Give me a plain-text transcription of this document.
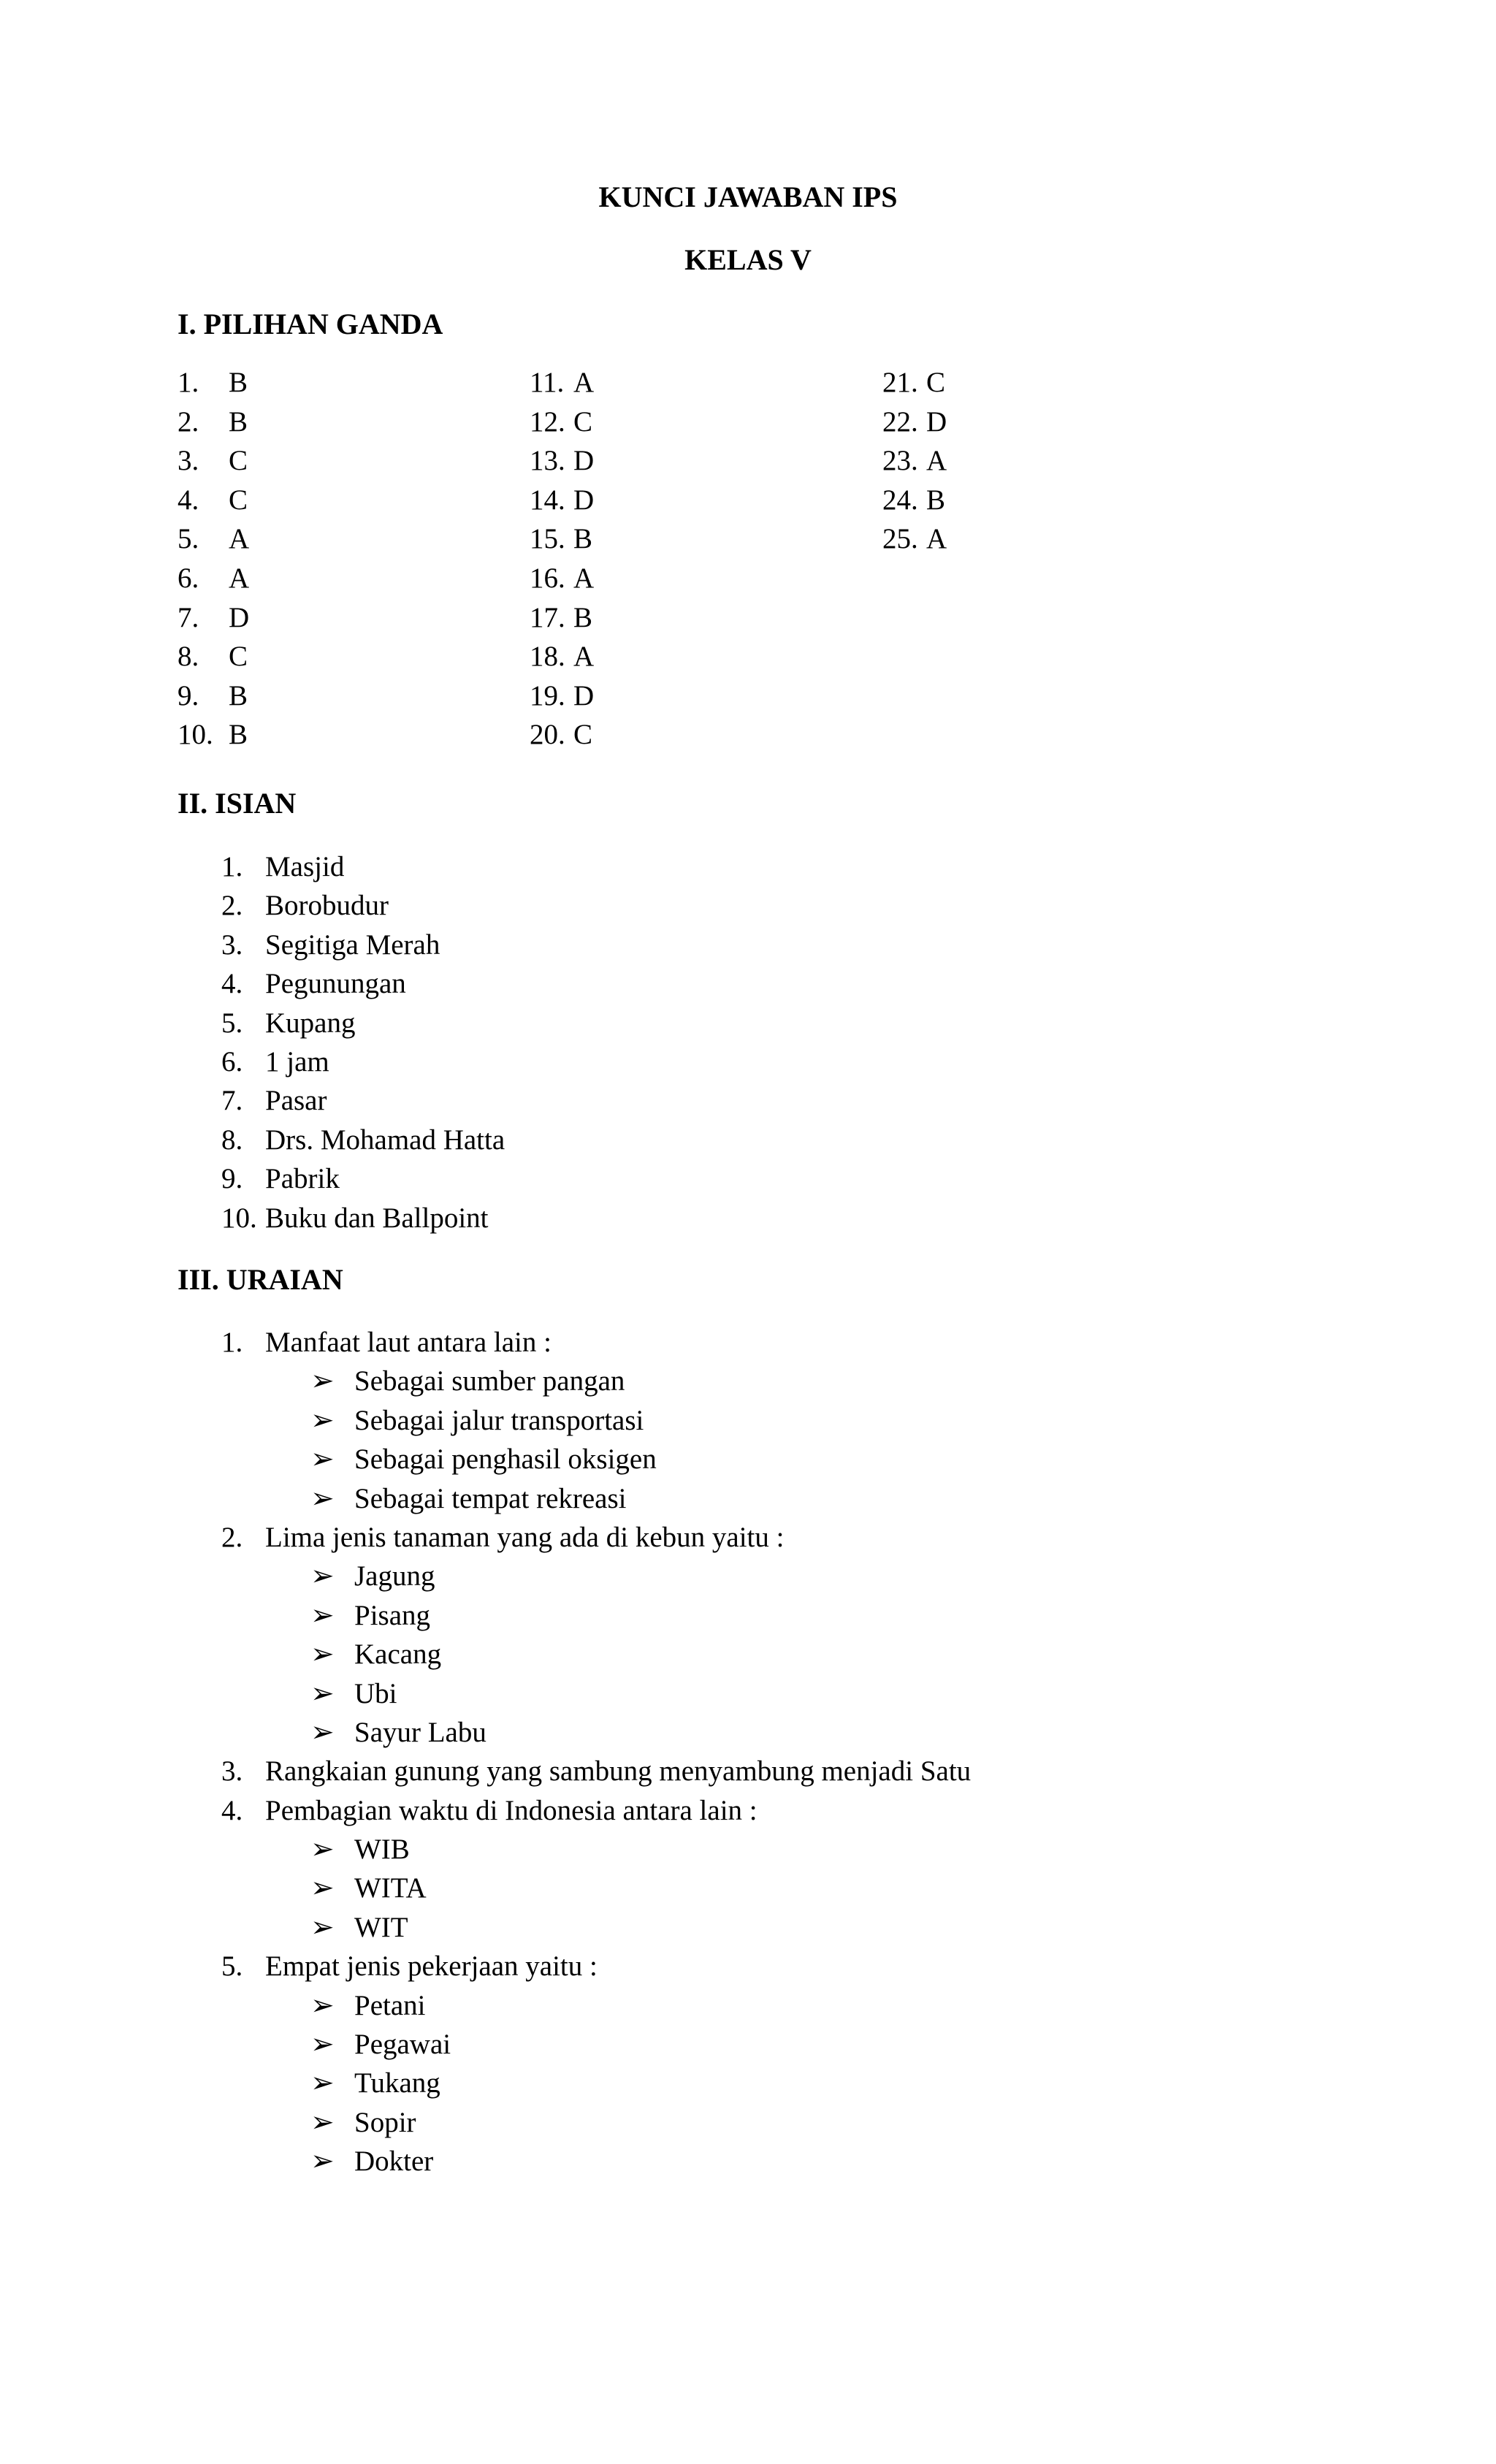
KUNCI JAWABAN IPS
KELAS V
I. PILIHAN GANDA
1.	B
2.	B
3.	C
4.	C
5.	A
6.	A
7.	D
8.	C
9.	B
10. B
11. A
12. C
13. D
14. D
15. B
16. A
17. B
18. A
19. D
20. C
21. C
22. D
23. A
24. B
25. A
II. ISIAN
1. Masjid
2. Borobudur
3. Segitiga Merah
4. Pegunungan
5. Kupang
6. 1 jam
7. Pasar
8. Drs. Mohamad Hatta
9. Pabrik
10. Buku dan Ballpoint
III. URAIAN
1. Manfaat laut antara lain :
➢ Sebagai sumber pangan
➢ Sebagai jalur transportasi
➢ Sebagai penghasil oksigen
➢ Sebagai tempat rekreasi
2. Lima jenis tanaman yang ada di kebun yaitu :
➢ Jagung
➢ Pisang
➢ Kacang
➢ Ubi
➢ Sayur Labu
3. Rangkaian gunung yang sambung menyambung menjadi Satu
4. Pembagian waktu di Indonesia antara lain :
➢ WIB
➢ WITA
➢ WIT
5. Empat jenis pekerjaan yaitu :
➢ Petani
➢ Pegawai
➢ Tukang
➢ Sopir
➢ Dokter
